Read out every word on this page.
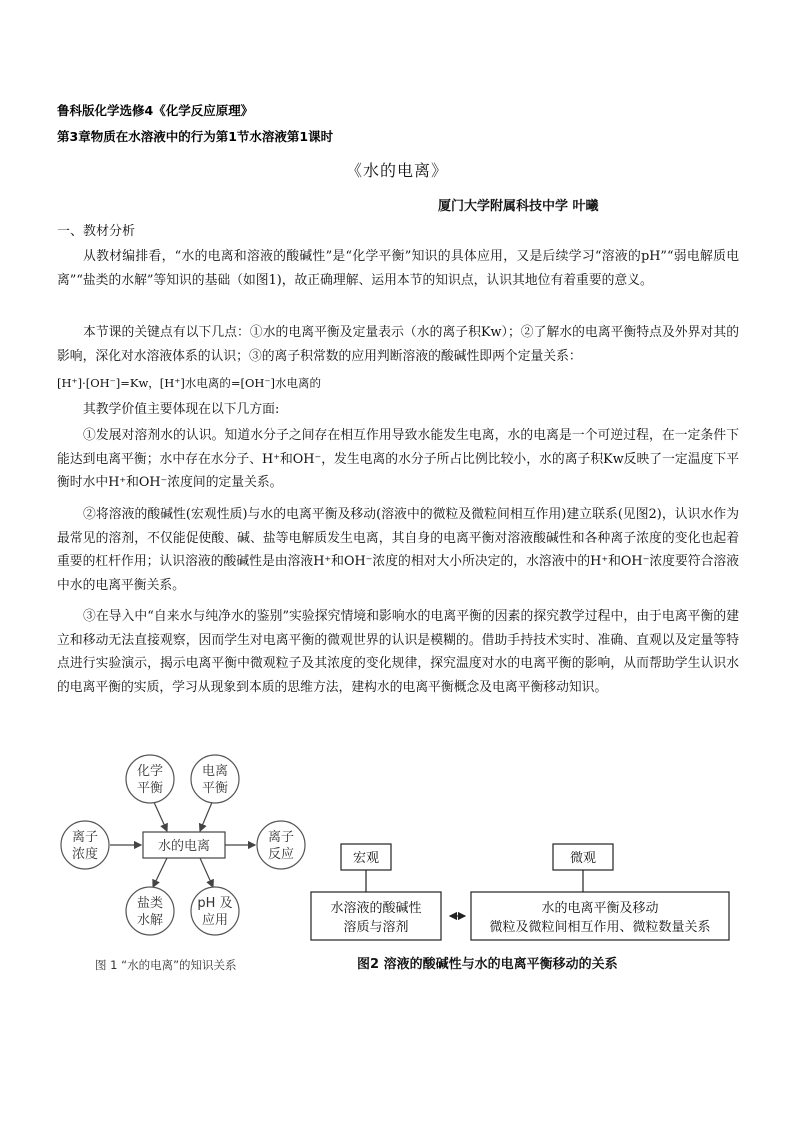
鲁科版化学选修4《化学反应原理》
第3章物质在水溶液中的行为第1节水溶液第1课时
《水的电离》
厦门大学附属科技中学 叶曦
一、教材分析
从教材编排看，“水的电离和溶液的酸碱性”是“化学平衡”知识的具体应用，又是后续学习“溶液的pH”“弱电解质电离”“盐类的水解”等知识的基础（如图1)，故正确理解、运用本节的知识点，认识其地位有着重要的意义。
本节课的关键点有以下几点：①水的电离平衡及定量表示（水的离子积Kw）；②了解水的电离平衡特点及外界对其的影响，深化对水溶液体系的认识；③的离子积常数的应用判断溶液的酸碱性即两个定量关系：
[H⁺]·[OH⁻]=Kw，[H⁺]水电离的=[OH⁻]水电离的
其教学价值主要体现在以下几方面:
①发展对溶剂水的认识。知道水分子之间存在相互作用导致水能发生电离，水的电离是一个可逆过程，在一定条件下能达到电离平衡；水中存在水分子、H⁺和OH⁻，发生电离的水分子所占比例比较小，水的离子积Kw反映了一定温度下平衡时水中H⁺和OH⁻浓度间的定量关系。
②将溶液的酸碱性(宏观性质)与水的电离平衡及移动(溶液中的微粒及微粒间相互作用)建立联系(见图2)，认识水作为最常见的溶剂，不仅能促使酸、碱、盐等电解质发生电离，其自身的电离平衡对溶液酸碱性和各种离子浓度的变化也起着重要的杠杆作用；认识溶液的酸碱性是由溶液H⁺和OH⁻浓度的相对大小所决定的，水溶液中的H⁺和OH⁻浓度要符合溶液中水的电离平衡关系。
③在导入中“自来水与纯净水的鉴别”实验探究情境和影响水的电离平衡的因素的探究教学过程中，由于电离平衡的建立和移动无法直接观察，因而学生对电离平衡的微观世界的认识是模糊的。借助手持技术实时、准确、直观以及定量等特点进行实验演示，揭示电离平衡中微观粒子及其浓度的变化规律，探究温度对水的电离平衡的影响，从而帮助学生认识水的电离平衡的实质，学习从现象到本质的思维方法，建构水的电离平衡概念及电离平衡移动知识。
水的电离
化学
平衡
电离
平衡
离子
浓度
离子
反应
盐类
水解
pH 及
应用
图 1 “水的电离”的知识关系
宏观	微观
水溶液的酸碱性
溶质与溶剂
水的电离平衡及移动
微粒及微粒间相互作用、微粒数量关系
图2 溶液的酸碱性与水的电离平衡移动的关系
